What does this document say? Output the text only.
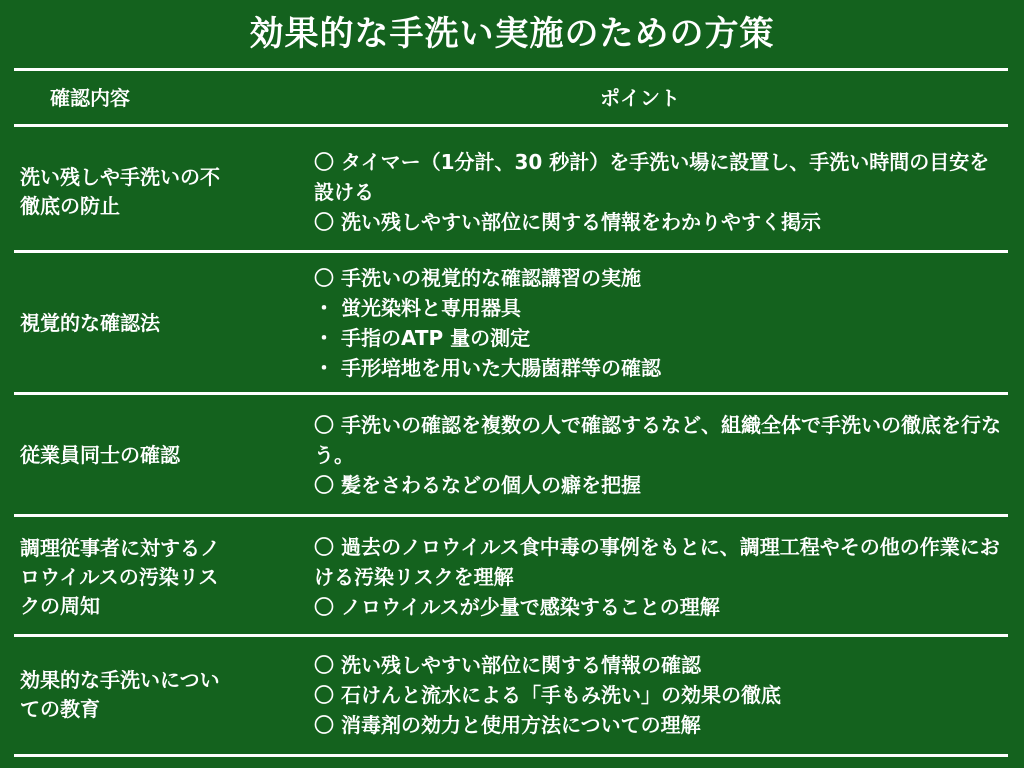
効果的な手洗い実施のための方策
確認内容	ポイント
洗い残しや手洗いの不徹底の防止
〇 タイマー（1分計、30 秒計）を手洗い場に設置し、手洗い時間の目安を設ける
〇 洗い残しやすい部位に関する情報をわかりやすく掲示
視覚的な確認法
〇 手洗いの視覚的な確認講習の実施
・ 蛍光染料と専用器具
・ 手指のATP 量の測定
・ 手形培地を用いた大腸菌群等の確認
従業員同士の確認
〇 手洗いの確認を複数の人で確認するなど、組織全体で手洗いの徹底を行なう。
〇 髪をさわるなどの個人の癖を把握
調理従事者に対するノロウイルスの汚染リスクの周知
〇 過去のノロウイルス食中毒の事例をもとに、調理工程やその他の作業における汚染リスクを理解
〇 ノロウイルスが少量で感染することの理解
効果的な手洗いについての教育
〇 洗い残しやすい部位に関する情報の確認
〇 石けんと流水による「手もみ洗い」の効果の徹底
〇 消毒剤の効力と使用方法についての理解
